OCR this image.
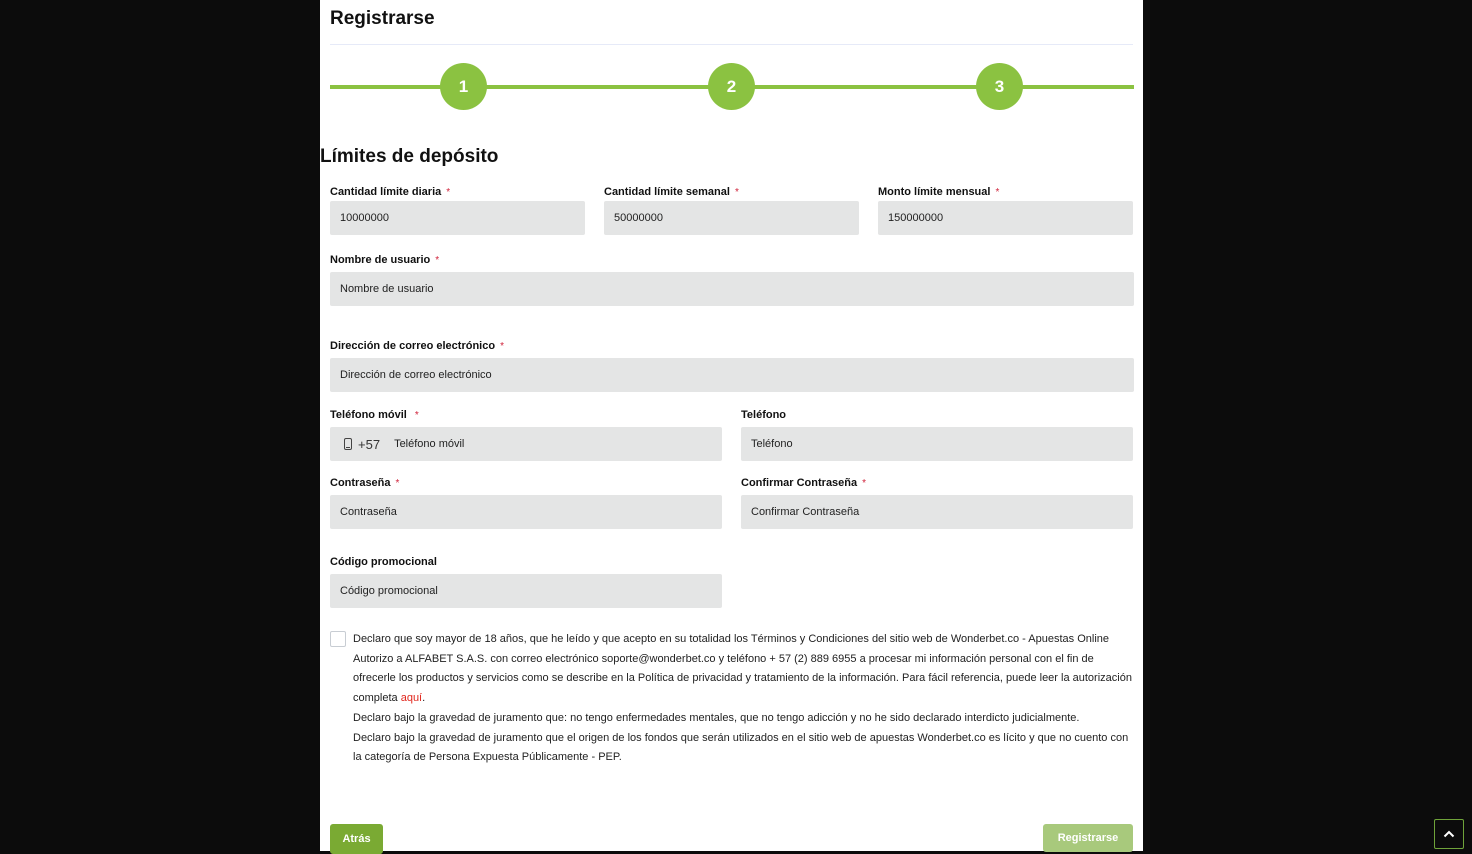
Registrarse
1	2	3
Límites de depósito
Cantidad límite diaria *
10000000
Cantidad límite semanal *
50000000
Monto límite mensual *
150000000
Nombre de usuario *
Nombre de usuario
Dirección de correo electrónico *
Dirección de correo electrónico
Teléfono móvil *
+57 Teléfono móvil
Teléfono
Teléfono
Contraseña *
Contraseña
Confirmar Contraseña *
Confirmar Contraseña
Código promocional
Código promocional
Declaro que soy mayor de 18 años, que he leído y que acepto en su totalidad los Términos y Condiciones del sitio web de Wonderbet.co - Apuestas Online
Autorizo a ALFABET S.A.S. con correo electrónico soporte@wonderbet.co y teléfono + 57 (2) 889 6955 a procesar mi información personal con el fin de ofrecerle los productos y servicios como se describe en la Política de privacidad y tratamiento de la información. Para fácil referencia, puede leer la autorización completa aquí.
Declaro bajo la gravedad de juramento que: no tengo enfermedades mentales, que no tengo adicción y no he sido declarado interdicto judicialmente.
Declaro bajo la gravedad de juramento que el origen de los fondos que serán utilizados en el sitio web de apuestas Wonderbet.co es lícito y que no cuento con la categoría de Persona Expuesta Públicamente - PEP.
Atrás	Registrarse
